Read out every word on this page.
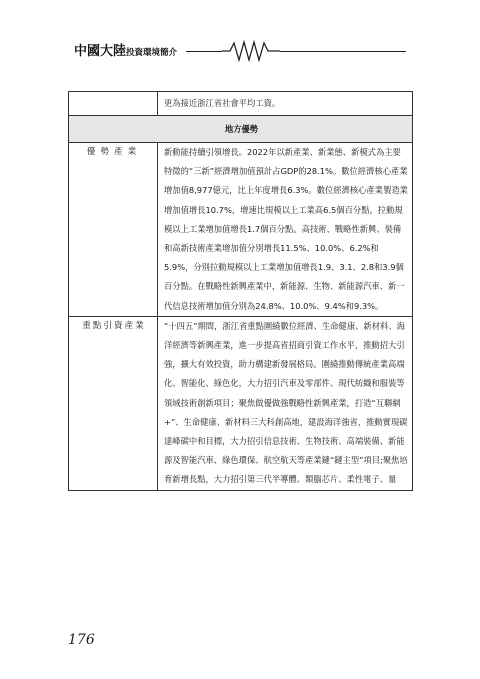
中國大陸投資環境簡介
	更為接近浙江省社會平均工資。
地方優勢	
優勢產業	新動能持續引領增長。2022年以新產業、新業態、新模式為主要特徵的“三新”經濟增加值預計占GDP的28.1%。數位經濟核心產業增加值8,977億元，比上年度增長6.3%。數位經濟核心產業製造業增加值增長10.7%，增速比規模以上工業高6.5個百分點，拉動規模以上工業增加值增長1.7個百分點。高技術、戰略性新興、裝備和高新技術產業增加值分別增長11.5%、10.0%、6.2%和5.9%，分別拉動規模以上工業增加值增長1.9、3.1、2.8和3.9個百分點。在戰略性新興產業中，新能源、生物、新能源汽車、新一代信息技術增加值分別為24.8%、10.0%、9.4%和9.3%。
重點引資產業	“十四五”期間，浙江省重點圍繞數位經濟、生命健康、新材料、海洋經濟等新興產業，進一步提高省招商引資工作水平，推動招大引強，擴大有效投資，助力構建新發展格局。圍繞推動傳統產業高端化、智能化、綠色化，大力招引汽車及零部件、現代紡織和服裝等領域技術創新項目；聚焦做優做強戰略性新興產業，打造“互聯網+”、生命健康、新材料三大科創高地，建設海洋強省，推動實現碳達峰碳中和目標，大力招引信息技術、生物技術、高端裝備、新能源及智能汽車、綠色環保、航空航天等產業鏈“鏈主型”項目;聚焦培育新增長點，大力招引第三代半導體、類腦芯片、柔性電子、量
176
